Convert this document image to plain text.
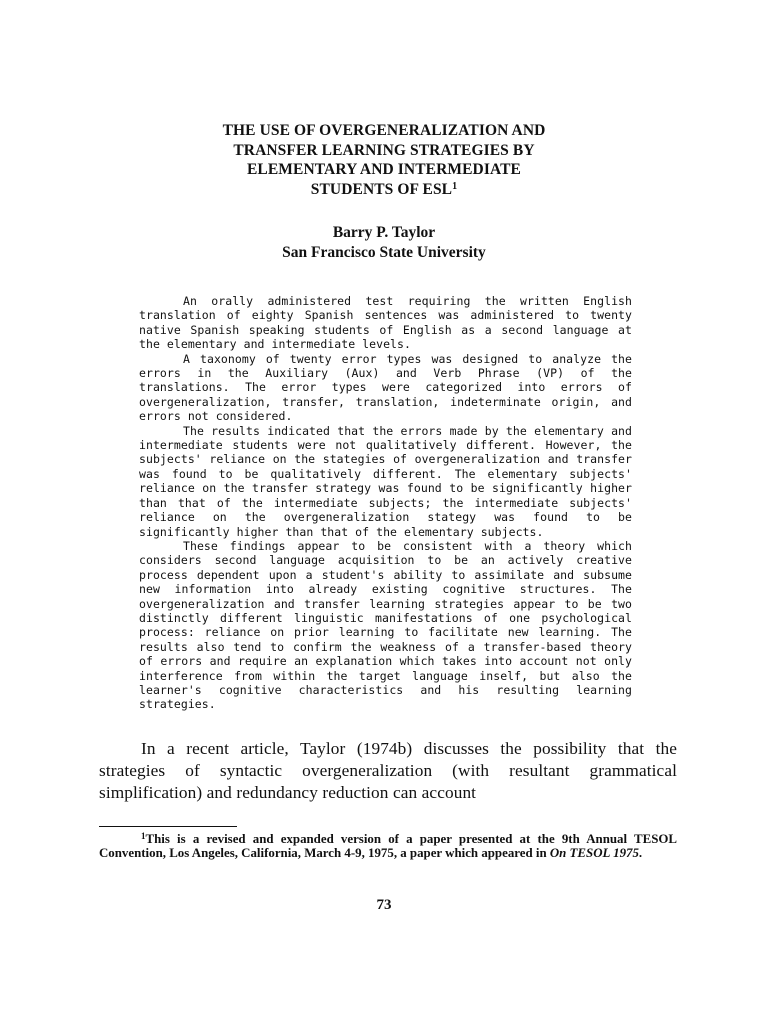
THE USE OF OVERGENERALIZATION AND
TRANSFER LEARNING STRATEGIES BY
ELEMENTARY AND INTERMEDIATE
STUDENTS OF ESL$^1$
Barry P. Taylor
San Francisco State University

An orally administered test requiring the written English translation of eighty Spanish sentences was administered to twenty native Spanish speaking students of English as a second language at the elementary and intermediate levels.

A taxonomy of twenty error types was designed to analyze the errors in the Auxiliary (Aux) and Verb Phrase (VP) of the translations. The error types were categorized into errors of overgeneralization, transfer, translation, indeterminate origin, and errors not considered.

The results indicated that the errors made by the elementary and intermediate students were not qualitatively different. However, the subjects' reliance on the stategies of overgeneralization and transfer was found to be qualitatively different. The elementary subjects' reliance on the transfer strategy was found to be significantly higher than that of the intermediate subjects; the intermediate subjects' reliance on the overgeneralization stategy was found to be significantly higher than that of the elementary subjects.

These findings appear to be consistent with a theory which considers second language acquisition to be an actively creative process dependent upon a student's ability to assimilate and subsume new information into already existing cognitive structures. The overgeneralization and transfer learning strategies appear to be two distinctly different linguistic manifestations of one psychological process: reliance on prior learning to facilitate new learning. The results also tend to confirm the weakness of a transfer-based theory of errors and require an explanation which takes into account not only interference from within the target language inself, but also the learner's cognitive characteristics and his resulting learning strategies.

In a recent article, Taylor (1974b) discusses the possibility that the strategies of syntactic overgeneralization (with resultant grammatical simplification) and redundancy reduction can account

$^1$This is a revised and expanded version of a paper presented at the 9th Annual TESOL Convention, Los Angeles, California, March 4-9, 1975, a paper which appeared in On TESOL 1975.

73
